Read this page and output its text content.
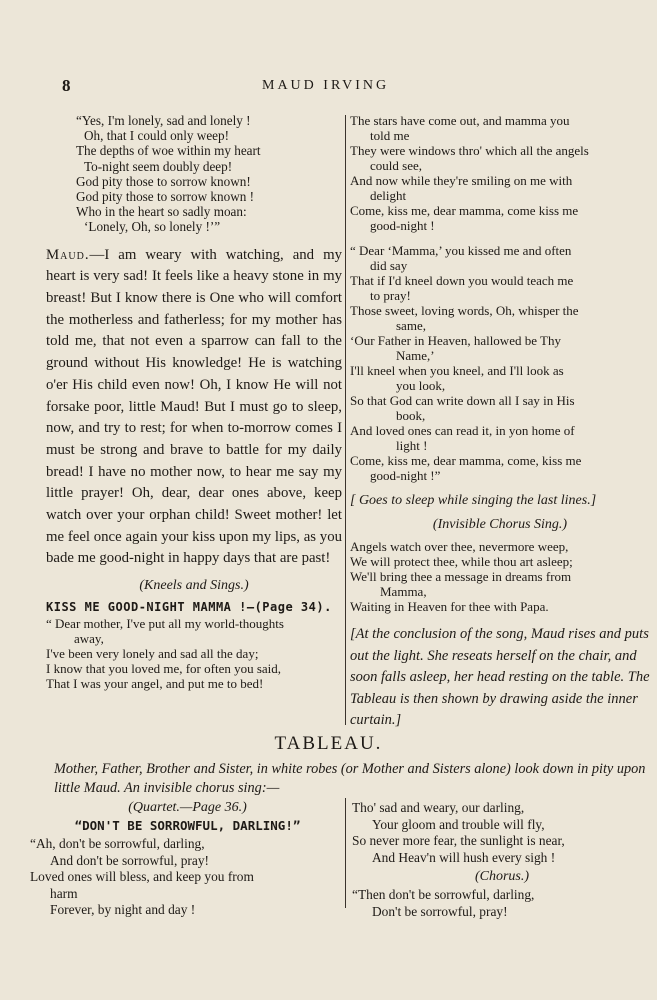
8	MAUD IRVING
“Yes, I'm lonely, sad and lonely !
Oh, that I could only weep!
The depths of woe within my heart
To-night seem doubly deep!
God pity those to sorrow known!
God pity those to sorrow known !
Who in the heart so sadly moan:
‘Lonely, Oh, so lonely !’”
Maud.—I am weary with watching, and my heart is very sad! It feels like a heavy stone in my breast! But I know there is One who will comfort the motherless and fatherless; for my mother has told me, that not even a sparrow can fall to the ground without His knowledge! He is watching o'er His child even now! Oh, I know He will not forsake poor, little Maud! But I must go to sleep, now, and try to rest; for when to-morrow comes I must be strong and brave to battle for my daily bread! I have no mother now, to hear me say my little prayer! Oh, dear, dear ones above, keep watch over your orphan child! Sweet mother! let me feel once again your kiss upon my lips, as you bade me good-night in happy days that are past!
(Kneels and Sings.)
KISS ME GOOD-NIGHT MAMMA !—(Page 34).
“ Dear mother, I've put all my world-thoughts
away,
I've been very lonely and sad all the day;
I know that you loved me, for often you said,
That I was your angel, and put me to bed!
The stars have come out, and mamma you
told me
They were windows thro' which all the angels
could see,
And now while they're smiling on me with
delight
Come, kiss me, dear mamma, come kiss me
good-night !
“ Dear ‘Mamma,’ you kissed me and often
did say
That if I'd kneel down you would teach me
to pray!
Those sweet, loving words, Oh, whisper the
same,
‘Our Father in Heaven, hallowed be Thy
Name,’
I'll kneel when you kneel, and I'll look as
you look,
So that God can write down all I say in His
book,
And loved ones can read it, in yon home of
light !
Come, kiss me, dear mamma, come, kiss me
good-night !”
[ Goes to sleep while singing the last lines.]
(Invisible Chorus Sing.)
Angels watch over thee, nevermore weep,
We will protect thee, while thou art asleep;
We'll bring thee a message in dreams from
Mamma,
Waiting in Heaven for thee with Papa.
[At the conclusion of the song, Maud rises and puts out the light. She reseats herself on the chair, and soon falls asleep, her head resting on the table. The Tableau is then shown by drawing aside the inner curtain.]
TABLEAU.
Mother, Father, Brother and Sister, in white robes (or Mother and Sisters alone) look down in pity upon little Maud. An invisible chorus sing:—
(Quartet.—Page 36.)
“DON'T BE SORROWFUL, DARLING!”
“Ah, don't be sorrowful, darling,
And don't be sorrowful, pray!
Loved ones will bless, and keep you from
harm
Forever, by night and day !
Tho' sad and weary, our darling,
Your gloom and trouble will fly,
So never more fear, the sunlight is near,
And Heav'n will hush every sigh !
(Chorus.)
“Then don't be sorrowful, darling,
Don't be sorrowful, pray!
